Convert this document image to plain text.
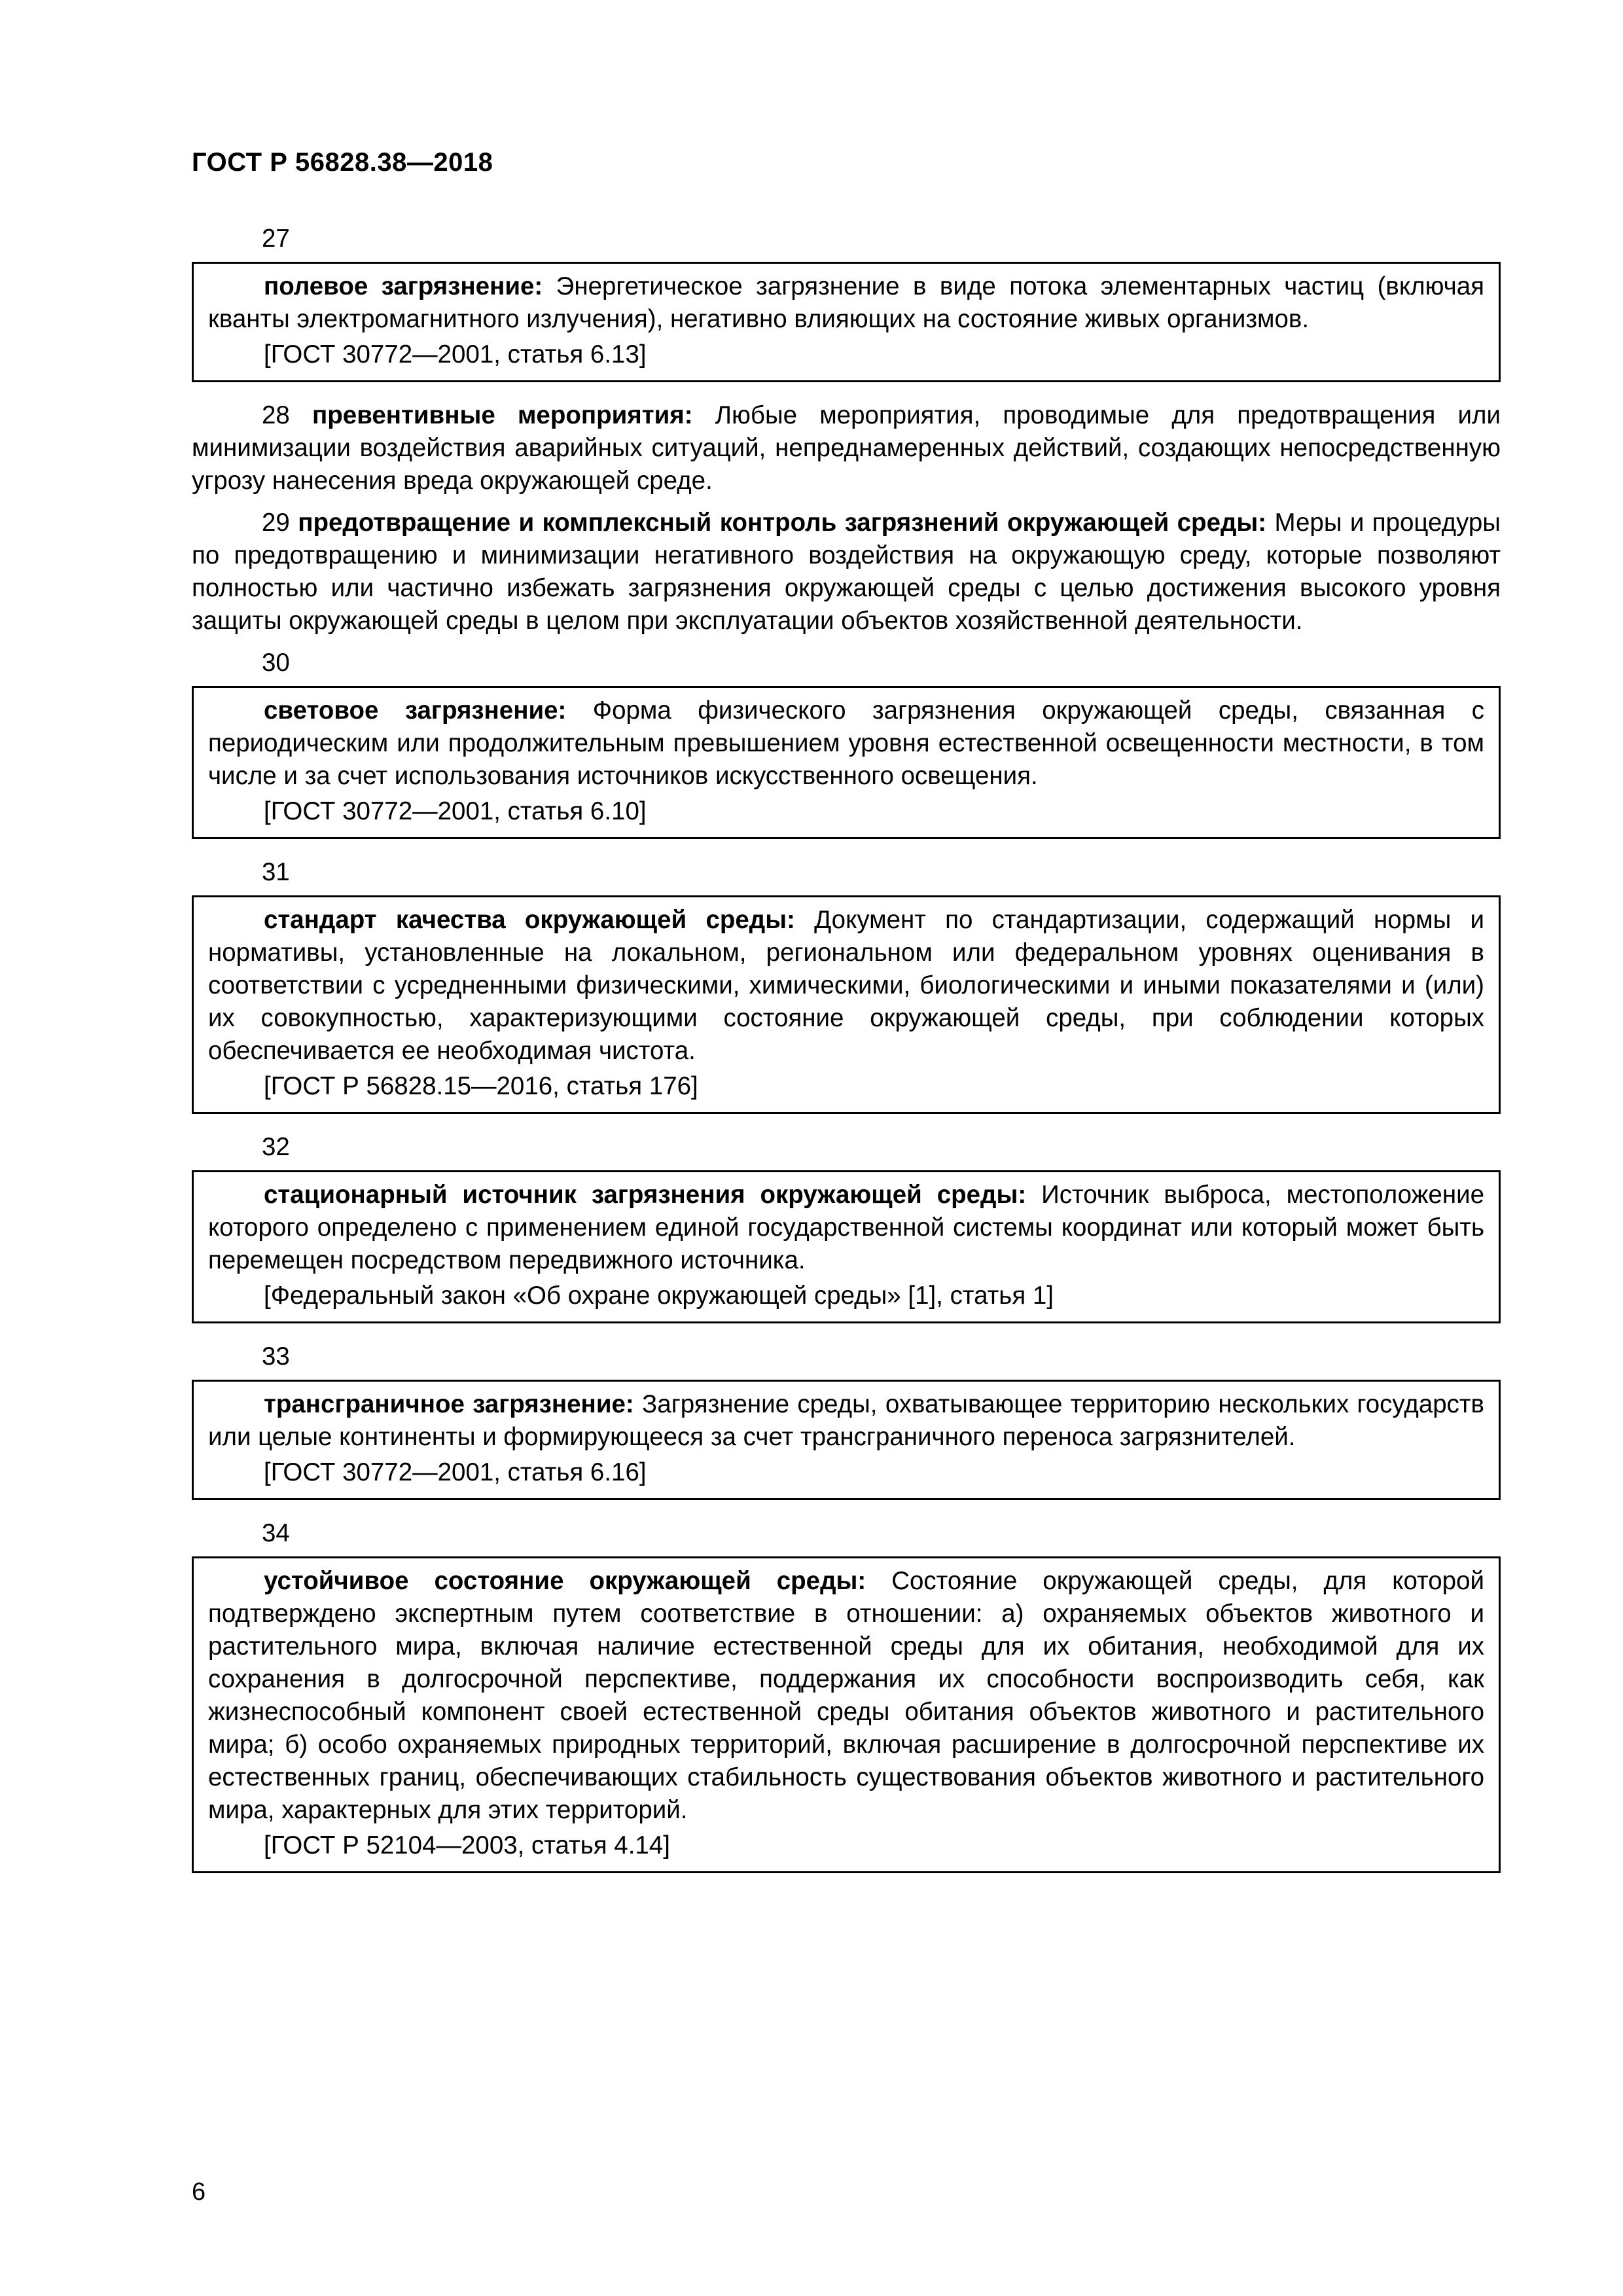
ГОСТ Р 56828.38—2018
27

полевое загрязнение: Энергетическое загрязнение в виде потока элементарных частиц (включая кванты электромагнитного излучения), негативно влияющих на состояние живых организмов.

[ГОСТ 30772—2001, статья 6.13]

28 превентивные мероприятия: Любые мероприятия, проводимые для предотвращения или минимизации воздействия аварийных ситуаций, непреднамеренных действий, создающих непосредственную угрозу нанесения вреда окружающей среде.

29 предотвращение и комплексный контроль загрязнений окружающей среды: Меры и процедуры по предотвращению и минимизации негативного воздействия на окружающую среду, которые позволяют полностью или частично избежать загрязнения окружающей среды с целью достижения высокого уровня защиты окружающей среды в целом при эксплуатации объектов хозяйственной деятельности.

30

световое загрязнение: Форма физического загрязнения окружающей среды, связанная с периодическим или продолжительным превышением уровня естественной освещенности местности, в том числе и за счет использования источников искусственного освещения.

[ГОСТ 30772—2001, статья 6.10]

31

стандарт качества окружающей среды: Документ по стандартизации, содержащий нормы и нормативы, установленные на локальном, региональном или федеральном уровнях оценивания в соответствии с усредненными физическими, химическими, биологическими и иными показателями и (или) их совокупностью, характеризующими состояние окружающей среды, при соблюдении которых обеспечивается ее необходимая чистота.

[ГОСТ Р 56828.15—2016, статья 176]

32

стационарный источник загрязнения окружающей среды: Источник выброса, местоположение которого определено с применением единой государственной системы координат или который может быть перемещен посредством передвижного источника.

[Федеральный закон «Об охране окружающей среды» [1], статья 1]

33

трансграничное загрязнение: Загрязнение среды, охватывающее территорию нескольких государств или целые континенты и формирующееся за счет трансграничного переноса загрязнителей.

[ГОСТ 30772—2001, статья 6.16]

34

устойчивое состояние окружающей среды: Состояние окружающей среды, для которой подтверждено экспертным путем соответствие в отношении: а) охраняемых объектов животного и растительного мира, включая наличие естественной среды для их обитания, необходимой для их сохранения в долгосрочной перспективе, поддержания их способности воспроизводить себя, как жизнеспособный компонент своей естественной среды обитания объектов животного и растительного мира; б) особо охраняемых природных территорий, включая расширение в долгосрочной перспективе их естественных границ, обеспечивающих стабильность существования объектов животного и растительного мира, характерных для этих территорий.

[ГОСТ Р 52104—2003, статья 4.14]

6
